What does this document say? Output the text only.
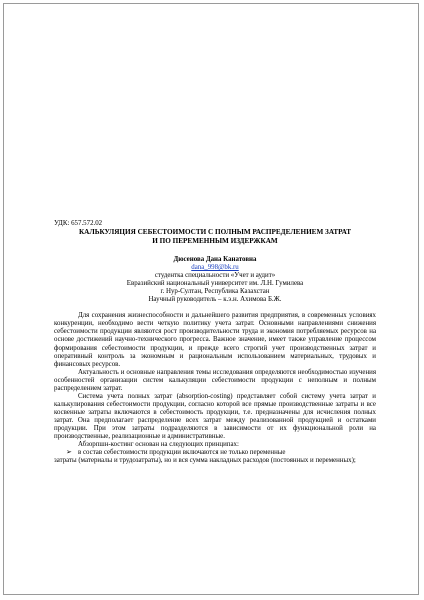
УДК: 657.572.02

КАЛЬКУЛЯЦИЯ СЕБЕСТОИМОСТИ С ПОЛНЫМ РАСПРЕДЕЛЕНИЕМ ЗАТРАТ
И ПО ПЕРЕМЕННЫМ ИЗДЕРЖКАМ
Дюсенова Дана Канатовна
dana_998@bk.ru
студентка специальности «Учет и аудит»
Евразийский национальный университет им. Л.Н. Гумилева
г. Нур-Султан, Республика Казахстан
Научный руководитель – к.э.н. Ахимова Б.Ж.

Для сохранения жизнеспособности и дальнейшего развития предприятия, в современных условиях конкуренции, необходимо вести четкую политику учета затрат. Основными направлениями снижения себестоимости продукции являются рост производительности труда и экономия потребляемых ресурсов на основе достижений научно-технического прогресса. Важное значение, имеет также управление процессом формирования себестоимости продукции, и прежде всего строгий учет производственных затрат и оперативный контроль за экономным и рациональным использованием материальных, трудовых и финансовых ресурсов.

Актуальность и основные направления темы исследования определяются необходимостью изучения особенностей организации систем калькуляции себестоимости продукции с неполным и полным распределением затрат.

Система учета полных затрат (absorption-costing) представляет собой систему учета затрат и калькулирования себестоимости продукции, согласно которой все прямые производственные затраты и все косвенные затраты включаются в себестоимость продукции, т.е. предназначены для исчисления полных затрат. Она предполагает распределение всех затрат между реализованной продукцией и остатками продукции. При этом затраты подразделяются в зависимости от их функциональной роли на производственные, реализационные и административные.

Абзорпшн-костинг основан на следующих принципах:

➢ в состав себестоимости продукции включаются не только переменные
затраты (материалы и трудозатраты), но и вся сумма накладных расходов (постоянных и переменных);
